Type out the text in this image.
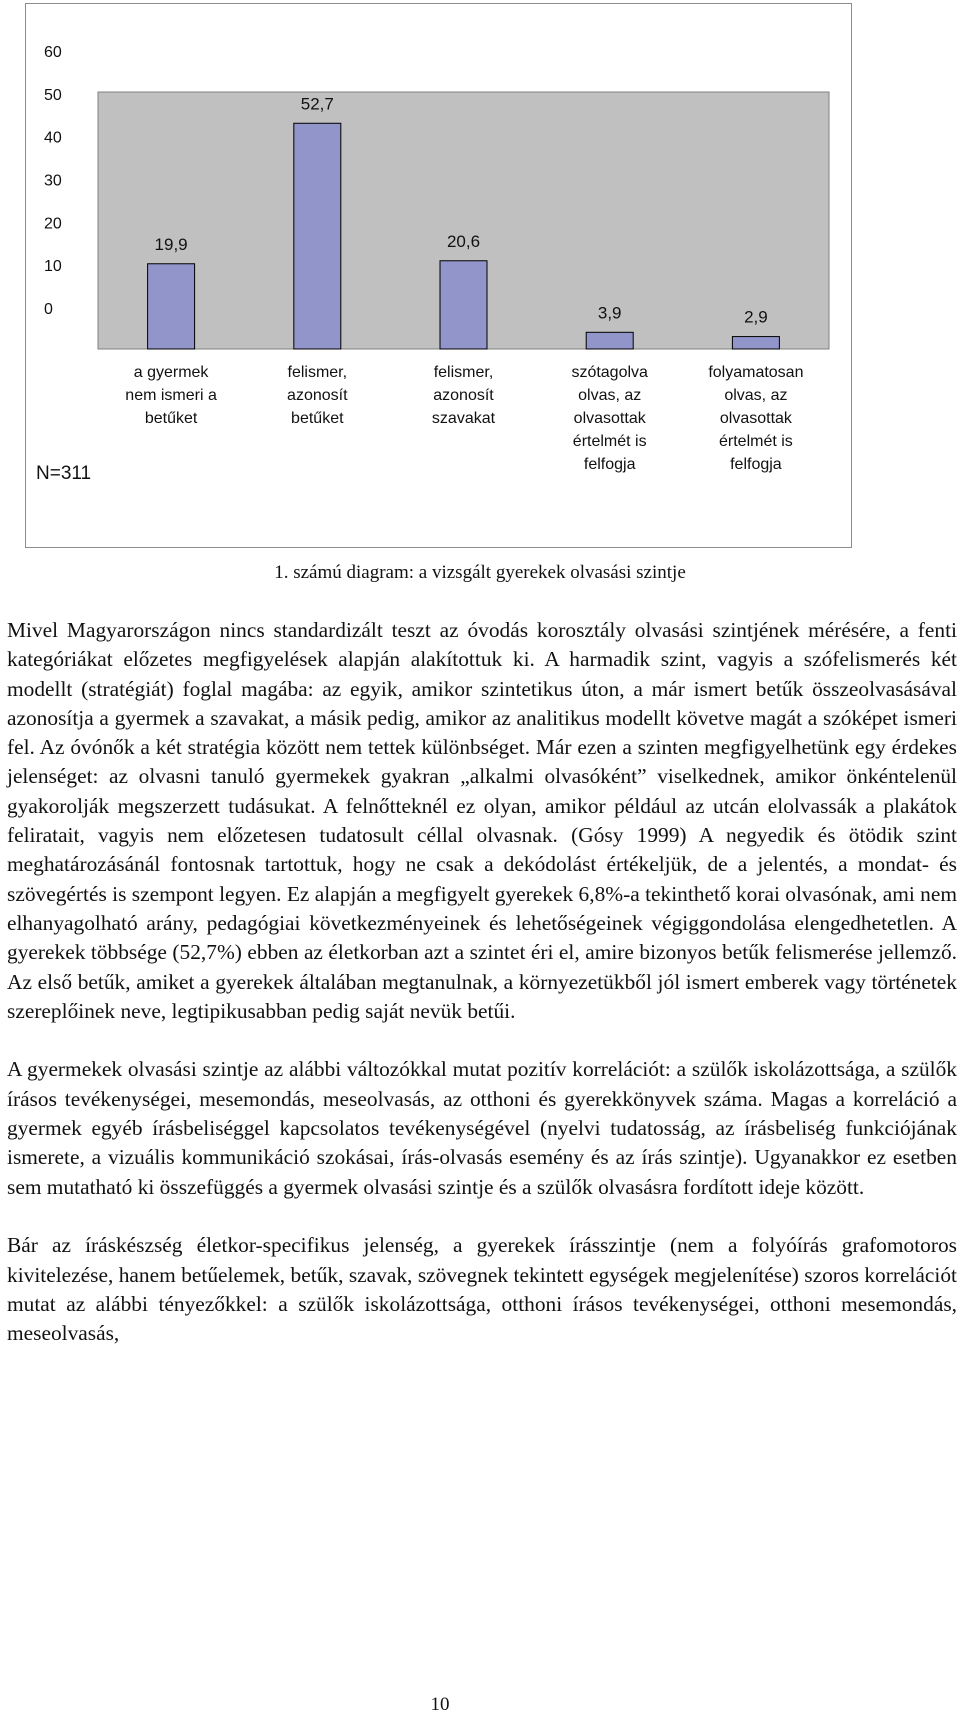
0
10
20
30
40
50
60
19,9
a gyermek
nem ismeri a
betűket
52,7
felismer,
azonosít
betűket
20,6
felismer,
azonosít
szavakat
3,9
szótagolva
olvas, az
olvasottak
értelmét is
felfogja
2,9
folyamatosan
olvas, az
olvasottak
értelmét is
felfogja
N=311
1. számú diagram: a vizsgált gyerekek olvasási szintje

Mivel Magyarországon nincs standardizált teszt az óvodás korosztály olvasási szintjének mérésére, a fenti kategóriákat előzetes megfigyelések alapján alakítottuk ki. A harmadik szint, vagyis a szófelismerés két modellt (stratégiát) foglal magába: az egyik, amikor szintetikus úton, a már ismert betűk összeolvasásával azonosítja a gyermek a szavakat, a másik pedig, amikor az analitikus modellt követve magát a szóképet ismeri fel. Az óvónők a két stratégia között nem tettek különbséget. Már ezen a szinten megfigyelhetünk egy érdekes jelenséget: az olvasni tanuló gyermekek gyakran „alkalmi olvasóként” viselkednek, amikor önkéntelenül gyakorolják megszerzett tudásukat. A felnőtteknél ez olyan, amikor például az utcán elolvassák a plakátok feliratait, vagyis nem előzetesen tudatosult céllal olvasnak. (Gósy 1999) A negyedik és ötödik szint meghatározásánál fontosnak tartottuk, hogy ne csak a dekódolást értékeljük, de a jelentés, a mondat- és szövegértés is szempont legyen. Ez alapján a megfigyelt gyerekek 6,8%-a tekinthető korai olvasónak, ami nem elhanyagolható arány, pedagógiai következményeinek és lehetőségeinek végiggondolása elengedhetetlen. A gyerekek többsége (52,7%) ebben az életkorban azt a szintet éri el, amire bizonyos betűk felismerése jellemző. Az első betűk, amiket a gyerekek általában megtanulnak, a környezetükből jól ismert emberek vagy történetek szereplőinek neve, legtipikusabban pedig saját nevük betűi.

A gyermekek olvasási szintje az alábbi változókkal mutat pozitív korrelációt: a szülők iskolázottsága, a szülők írásos tevékenységei, mesemondás, meseolvasás, az otthoni és gyerekkönyvek száma. Magas a korreláció a gyermek egyéb írásbeliséggel kapcsolatos tevékenységével (nyelvi tudatosság, az írásbeliség funkciójának ismerete, a vizuális kommunikáció szokásai, írás-olvasás esemény és az írás szintje). Ugyanakkor ez esetben sem mutatható ki összefüggés a gyermek olvasási szintje és a szülők olvasásra fordított ideje között.

Bár az íráskészség életkor-specifikus jelenség, a gyerekek írásszintje (nem a folyóírás grafomotoros kivitelezése, hanem betűelemek, betűk, szavak, szövegnek tekintett egységek megjelenítése) szoros korrelációt mutat az alábbi tényezőkkel: a szülők iskolázottsága, otthoni írásos tevékenységei, otthoni mesemondás, meseolvasás,

10
